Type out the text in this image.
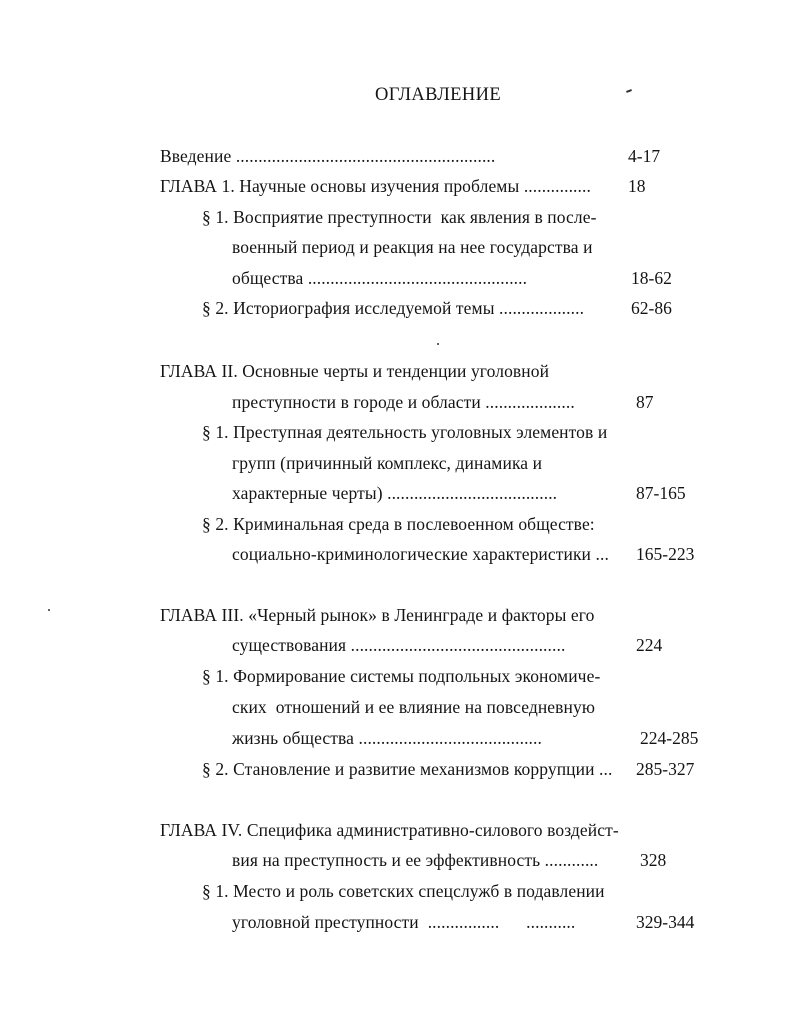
ОГЛАВЛЕНИЕ
Введение ..........................................................	4-17
ГЛАВА 1. Научные основы изучения проблемы ............... 18
§ 1. Восприятие преступности  как явления в после-
военный период и реакция на нее государства и
общества .................................................	18-62
§ 2. Историография исследуемой темы ...................	62-86
ГЛАВА II. Основные черты и тенденции уголовной
преступности в городе и области ....................	87
§ 1. Преступная деятельность уголовных элементов и
групп (причинный комплекс, динамика и
характерные черты) ......................................	87-165
§ 2. Криминальная среда в послевоенном обществе:
социально-криминологические характеристики ... 165-223
ГЛАВА III. «Черный рынок» в Ленинграде и факторы его
существования ................................................	224
§ 1. Формирование системы подпольных экономиче-
ских  отношений и ее влияние на повседневную
жизнь общества .........................................	224-285
§ 2. Становление и развитие механизмов коррупции ... 285-327
ГЛАВА IV. Специфика административно-силового воздейст-
вия на преступность и ее эффективность ............ 328
§ 1. Место и роль советских спецслужб в подавлении
уголовной преступности  ................      ...........	329-344
